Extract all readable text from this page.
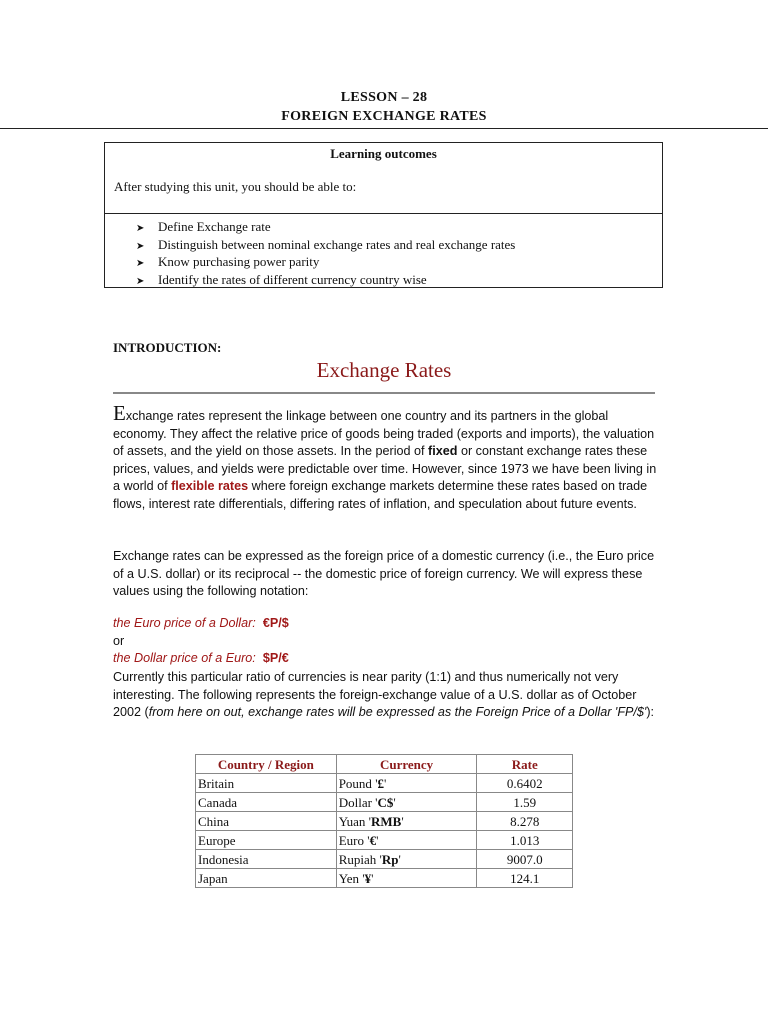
LESSON – 28
FOREIGN EXCHANGE RATES
Learning outcomes
After studying this unit, you should be able to:
➤ Define Exchange rate
➤ Distinguish between nominal exchange rates and real exchange rates
➤ Know purchasing power parity
➤ Identify the rates of different currency country wise
INTRODUCTION:
Exchange Rates

Exchange rates represent the linkage between one country and its partners in the global economy. They affect the relative price of goods being traded (exports and imports), the valuation of assets, and the yield on those assets. In the period of fixed or constant exchange rates these prices, values, and yields were predictable over time. However, since 1973 we have been living in a world of flexible rates where foreign exchange markets determine these rates based on trade flows, interest rate differentials, differing rates of inflation, and speculation about future events.

Exchange rates can be expressed as the foreign price of a domestic currency (i.e., the Euro price of a U.S. dollar) or its reciprocal -- the domestic price of foreign currency. We will express these values using the following notation:

the Euro price of a Dollar: €P/$
or
the Dollar price of a Euro: $P/€

Currently this particular ratio of currencies is near parity (1:1) and thus numerically not very interesting. The following represents the foreign-exchange value of a U.S. dollar as of October 2002 (from here on out, exchange rates will be expressed as the Foreign Price of a Dollar 'FP/$'):

Country / Region	Currency	Rate
Britain	Pound '£'	0.6402
Canada	Dollar 'C$'	1.59
China	Yuan 'RMB'	8.278
Europe	Euro '€'	1.013
Indonesia	Rupiah 'Rp'	9007.0
Japan	Yen '¥'	124.1
